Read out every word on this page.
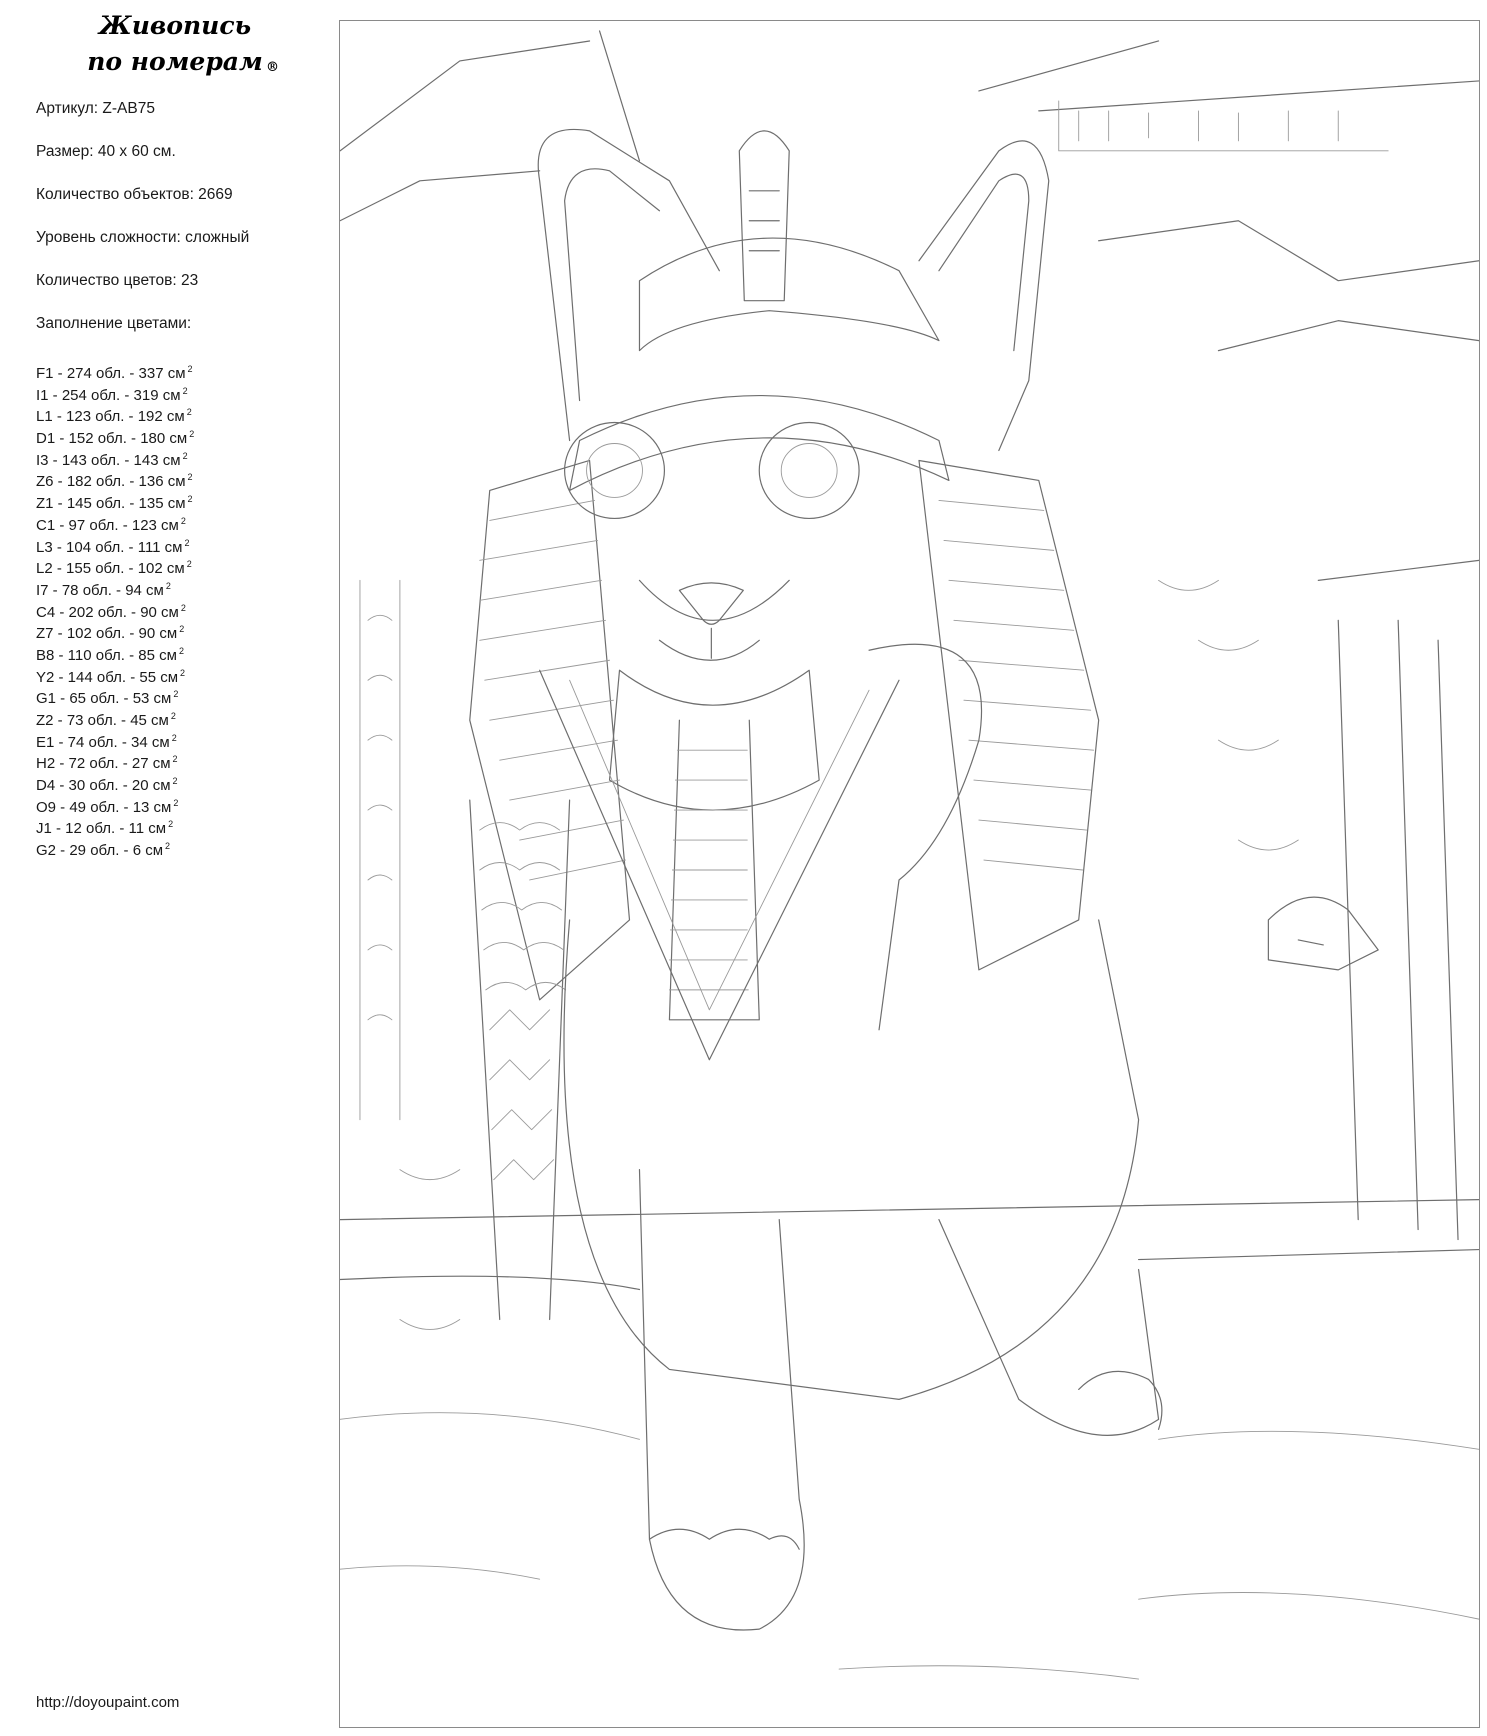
Живопись
по номерам ®
Артикул: Z-AB75
Размер: 40 x 60 см.
Количество объектов: 2669
Уровень сложности: сложный
Количество цветов: 23
Заполнение цветами:
F1 - 274 обл. - 337 см $^2$
I1 - 254 обл. - 319 см $^2$
L1 - 123 обл. - 192 см $^2$
D1 - 152 обл. - 180 см $^2$
I3 - 143 обл. - 143 см $^2$
Z6 - 182 обл. - 136 см $^2$
Z1 - 145 обл. - 135 см $^2$
C1 - 97 обл. - 123 см $^2$
L3 - 104 обл. - 111 см $^2$
L2 - 155 обл. - 102 см $^2$
I7 - 78 обл. - 94 см $^2$
C4 - 202 обл. - 90 см $^2$
Z7 - 102 обл. - 90 см $^2$
B8 - 110 обл. - 85 см $^2$
Y2 - 144 обл. - 55 см $^2$
G1 - 65 обл. - 53 см $^2$
Z2 - 73 обл. - 45 см $^2$
E1 - 74 обл. - 34 см $^2$
H2 - 72 обл. - 27 см $^2$
D4 - 30 обл. - 20 см $^2$
O9 - 49 обл. - 13 см $^2$
J1 - 12 обл. - 11 см $^2$
G2 - 29 обл. - 6 см $^2$
http://doyoupaint.com
